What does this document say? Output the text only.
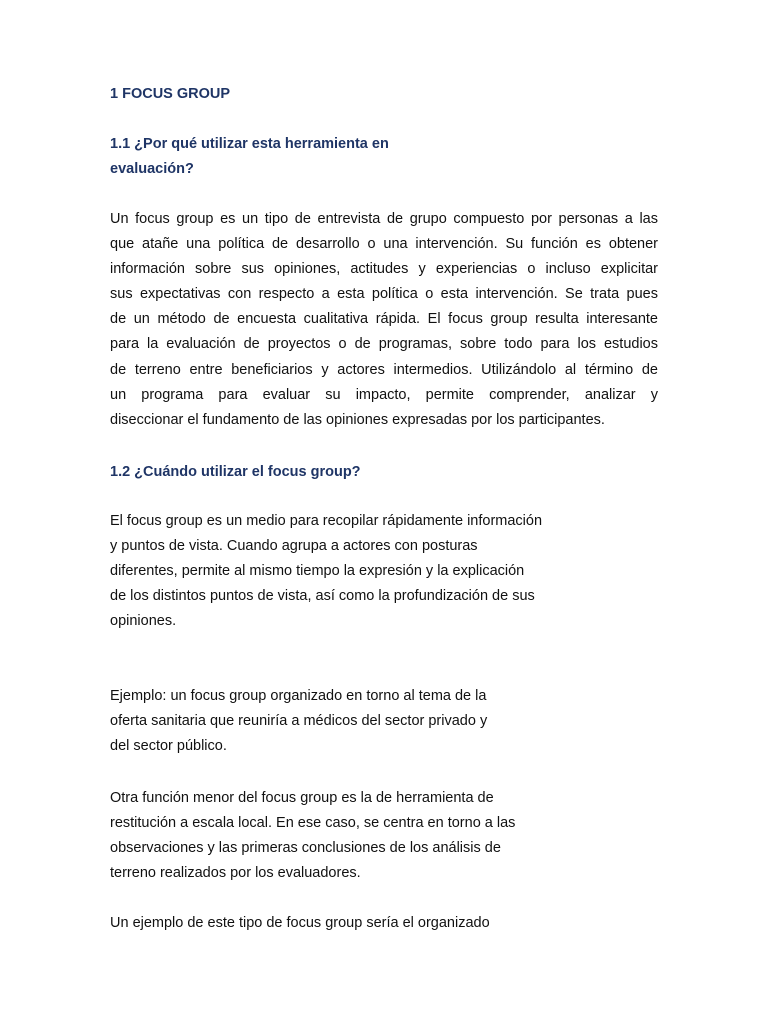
1 FOCUS GROUP
1.1 ¿Por qué utilizar esta herramienta en
evaluación?

Un focus group es un tipo de entrevista de grupo compuesto por personas a las
que atañe una política de desarrollo o una intervención. Su función es obtener
información sobre sus opiniones, actitudes y experiencias o incluso explicitar
sus expectativas con respecto a esta política o esta intervención. Se trata pues
de un método de encuesta cualitativa rápida. El focus group resulta interesante
para la evaluación de proyectos o de programas, sobre todo para los estudios
de terreno entre beneficiarios y actores intermedios. Utilizándolo al término de
un programa para evaluar su impacto, permite comprender, analizar y
diseccionar el fundamento de las opiniones expresadas por los participantes.

1.2 ¿Cuándo utilizar el focus group?

El focus group es un medio para recopilar rápidamente información
y puntos de vista. Cuando agrupa a actores con posturas
diferentes, permite al mismo tiempo la expresión y la explicación
de los distintos puntos de vista, así como la profundización de sus
opiniones.

Ejemplo: un focus group organizado en torno al tema de la
oferta sanitaria que reuniría a médicos del sector privado y
del sector público.

Otra función menor del focus group es la de herramienta de
restitución a escala local. En ese caso, se centra en torno a las
observaciones y las primeras conclusiones de los análisis de
terreno realizados por los evaluadores.

Un ejemplo de este tipo de focus group sería el organizado
